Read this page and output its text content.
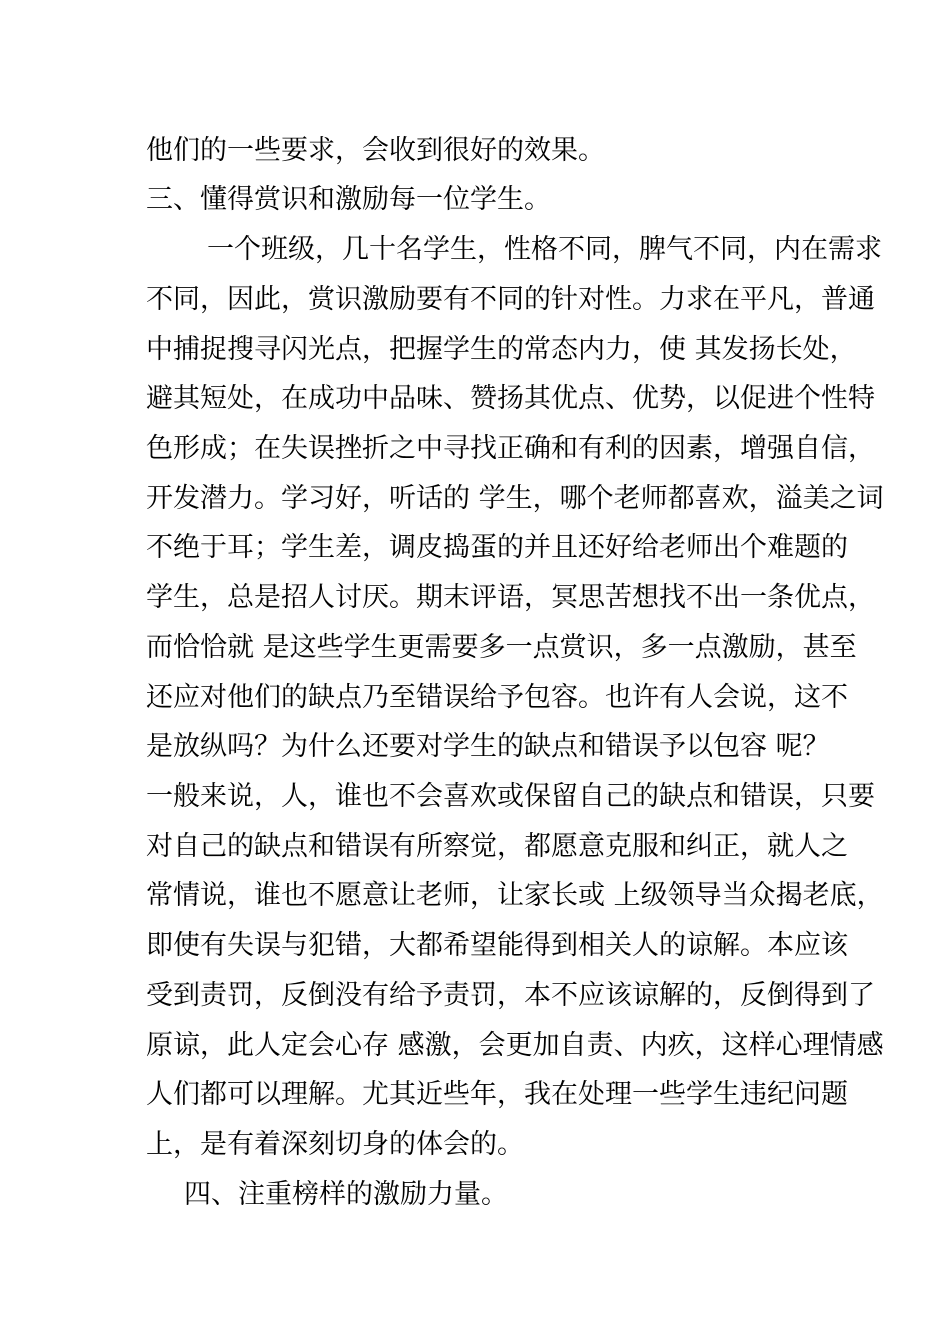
他们的一些要求，会收到很好的效果。
三、懂得赏识和激励每一位学生。
一个班级，几十名学生，性格不同，脾气不同，内在需求
不同，因此，赏识激励要有不同的针对性。力求在平凡，普通
中捕捉搜寻闪光点，把握学生的常态内力，使 其发扬长处，
避其短处，在成功中品味、赞扬其优点、优势，以促进个性特
色形成；在失误挫折之中寻找正确和有利的因素，增强自信，
开发潜力。学习好，听话的 学生，哪个老师都喜欢，溢美之词
不绝于耳；学生差，调皮捣蛋的并且还好给老师出个难题的
学生，总是招人讨厌。期末评语，冥思苦想找不出一条优点，
而恰恰就 是这些学生更需要多一点赏识，多一点激励，甚至
还应对他们的缺点乃至错误给予包容。也许有人会说，这不
是放纵吗？为什么还要对学生的缺点和错误予以包容 呢？
一般来说，人，谁也不会喜欢或保留自己的缺点和错误，只要
对自己的缺点和错误有所察觉，都愿意克服和纠正，就人之
常情说，谁也不愿意让老师，让家长或 上级领导当众揭老底，
即使有失误与犯错，大都希望能得到相关人的谅解。本应该
受到责罚，反倒没有给予责罚，本不应该谅解的，反倒得到了
原谅，此人定会心存 感激，会更加自责、内疚，这样心理情感
人们都可以理解。尤其近些年，我在处理一些学生违纪问题
上，是有着深刻切身的体会的。
四、注重榜样的激励力量。
